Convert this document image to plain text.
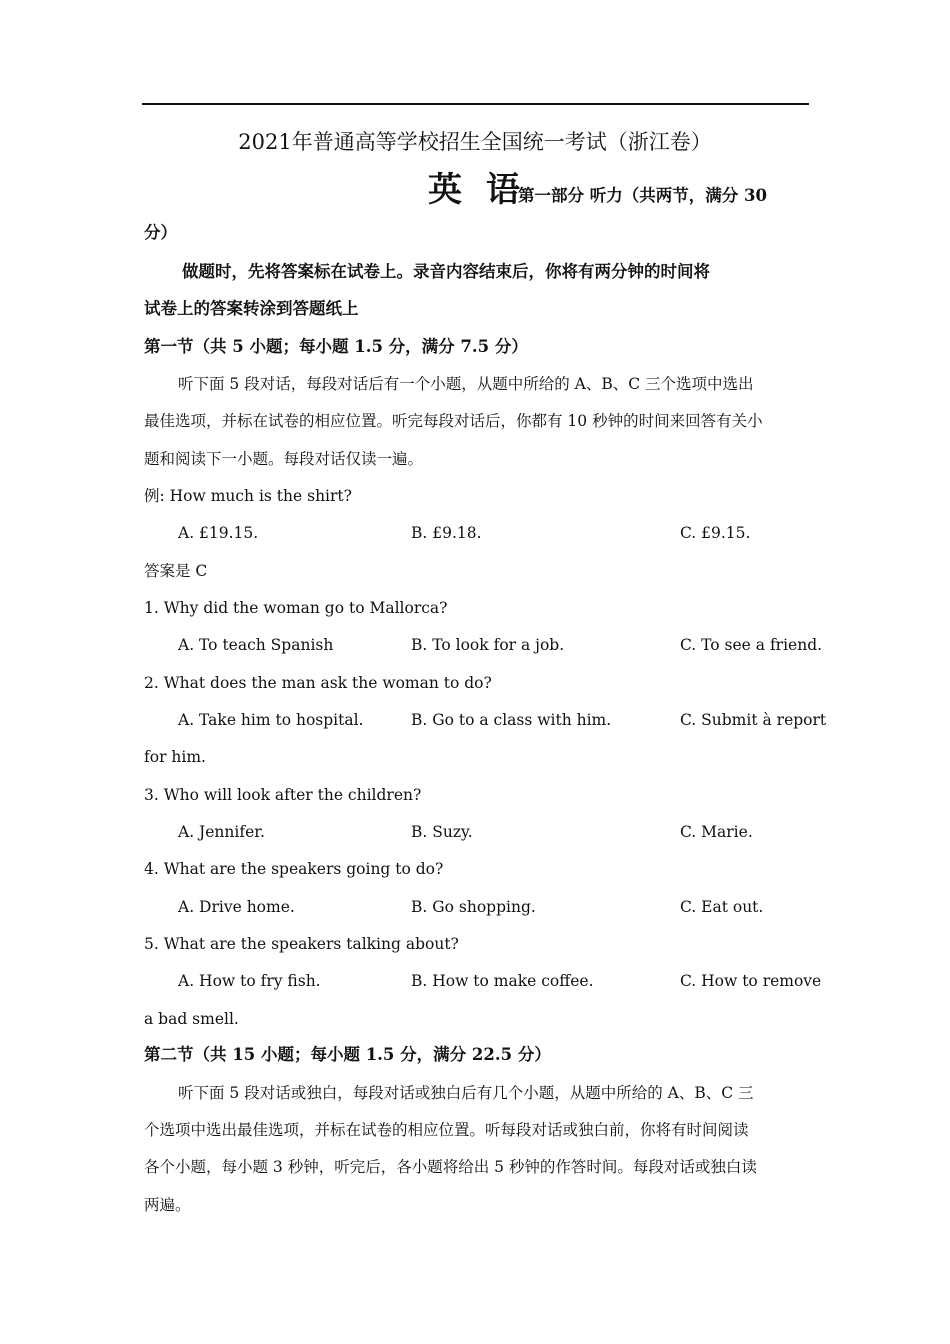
2021年普通高等学校招生全国统一考试（浙江卷）
英 语
第一部分 听力（共两节，满分 30
分）
做题时，先将答案标在试卷上。录音内容结束后，你将有两分钟的时间将
试卷上的答案转涂到答题纸上
第一节（共 5 小题；每小题 1.5 分，满分 7.5 分）
听下面 5 段对话，每段对话后有一个小题，从题中所给的 A、B、C 三个选项中选出
最佳选项，并标在试卷的相应位置。听完每段对话后，你都有 10 秒钟的时间来回答有关小
题和阅读下一小题。每段对话仅读一遍。
例: How much is the shirt?
A. £19.15.	B. £9.18.	C. £9.15.
答案是 C
1. Why did the woman go to Mallorca?
A. To teach Spanish	B. To look for a job.	C. To see a friend.
2. What does the man ask the woman to do?
A. Take him to hospital.	B. Go to a class with him.	C. Submit à report
for him.
3. Who will look after the children?
A. Jennifer.	B. Suzy.	C. Marie.
4. What are the speakers going to do?
A. Drive home.	B. Go shopping.	C. Eat out.
5. What are the speakers talking about?
A. How to fry fish.	B. How to make coffee.	C. How to remove
a bad smell.
第二节（共 15 小题；每小题 1.5 分，满分 22.5 分）
听下面 5 段对话或独白，每段对话或独白后有几个小题，从题中所给的 A、B、C 三
个选项中选出最佳选项，并标在试卷的相应位置。听每段对话或独白前，你将有时间阅读
各个小题，每小题 3 秒钟，听完后，各小题将给出 5 秒钟的作答时间。每段对话或独白读
两遍。
